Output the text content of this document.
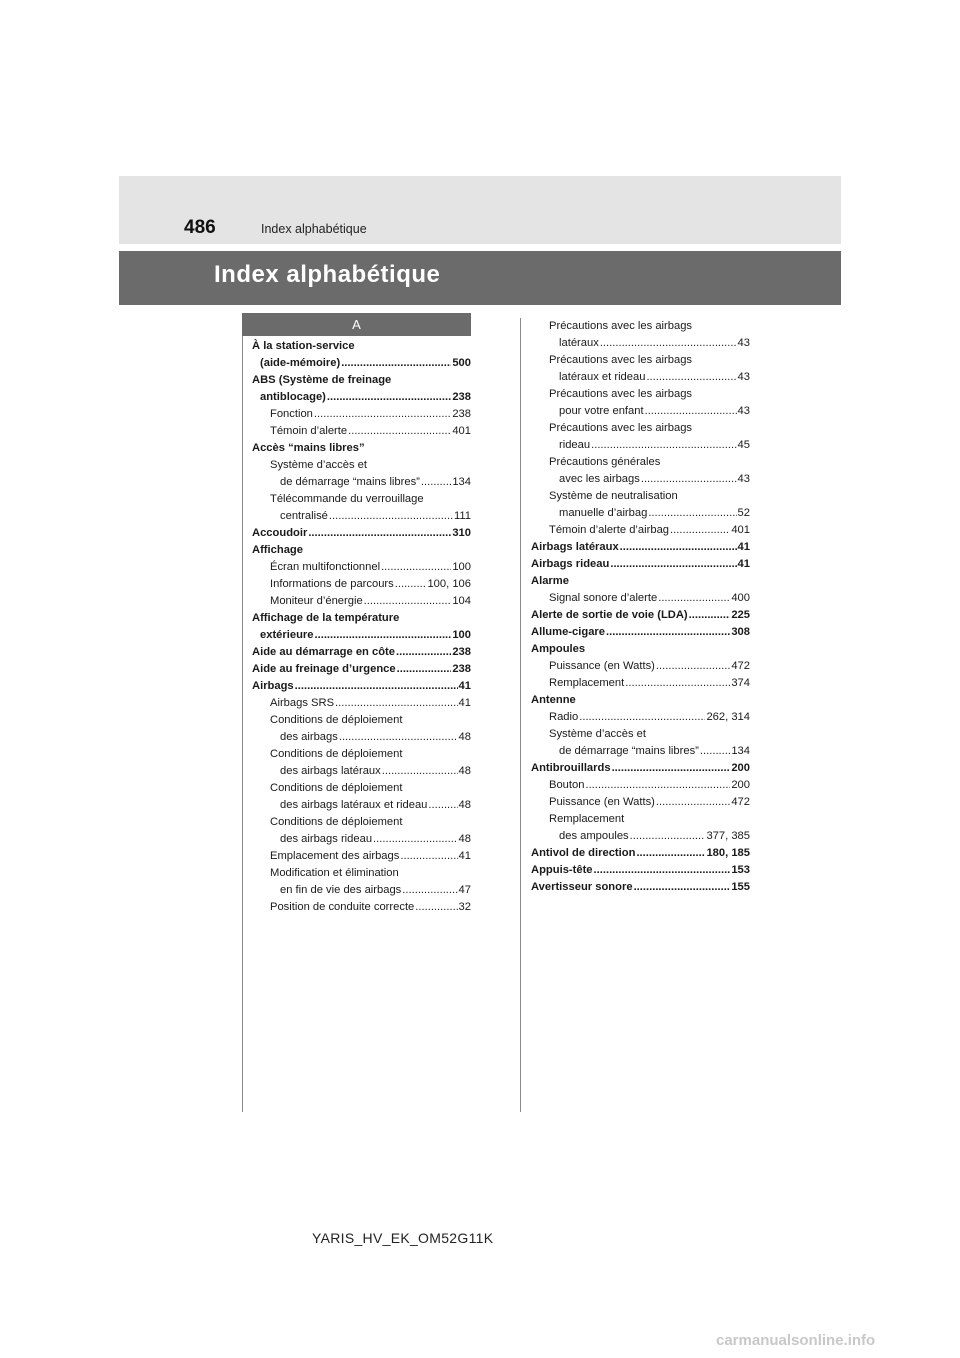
486	Index alphabétique
Index alphabétique
A
À la station-service
(aide-mémoire) .....	500
ABS (Système de freinage
antiblocage) .....	238
Fonction .....	238
Témoin d’alerte .....	401
Accès “mains libres”
Système d’accès et
de démarrage “mains libres” .....	134
Télécommande du verrouillage
centralisé .....	111
Accoudoir .....	310
Affichage
Écran multifonctionnel .....	100
Informations de parcours .....	100, 106
Moniteur d’énergie .....	104
Affichage de la température
extérieure .....	100
Aide au démarrage en côte .....	238
Aide au freinage d’urgence .....	238
Airbags .....	41
Airbags SRS .....	41
Conditions de déploiement
des airbags .....	48
Conditions de déploiement
des airbags latéraux .....	48
Conditions de déploiement
des airbags latéraux et rideau .....	48
Conditions de déploiement
des airbags rideau .....	48
Emplacement des airbags .....	41
Modification et élimination
en fin de vie des airbags .....	47
Position de conduite correcte .....	32
Précautions avec les airbags
latéraux .....	43
Précautions avec les airbags
latéraux et rideau .....	43
Précautions avec les airbags
pour votre enfant .....	43
Précautions avec les airbags
rideau .....	45
Précautions générales
avec les airbags .....	43
Système de neutralisation
manuelle d’airbag .....	52
Témoin d’alerte d’airbag .....	401
Airbags latéraux .....	41
Airbags rideau .....	41
Alarme
Signal sonore d’alerte .....	400
Alerte de sortie de voie (LDA) .....	225
Allume-cigare .....	308
Ampoules
Puissance (en Watts) .....	472
Remplacement .....	374
Antenne
Radio .....	262, 314
Système d’accès et
de démarrage “mains libres” .....	134
Antibrouillards .....	200
Bouton .....	200
Puissance (en Watts) .....	472
Remplacement
des ampoules .....	377, 385
Antivol de direction .....	180, 185
Appuis-tête .....	153
Avertisseur sonore .....	155
YARIS_HV_EK_OM52G11K
carmanualsonline.info
